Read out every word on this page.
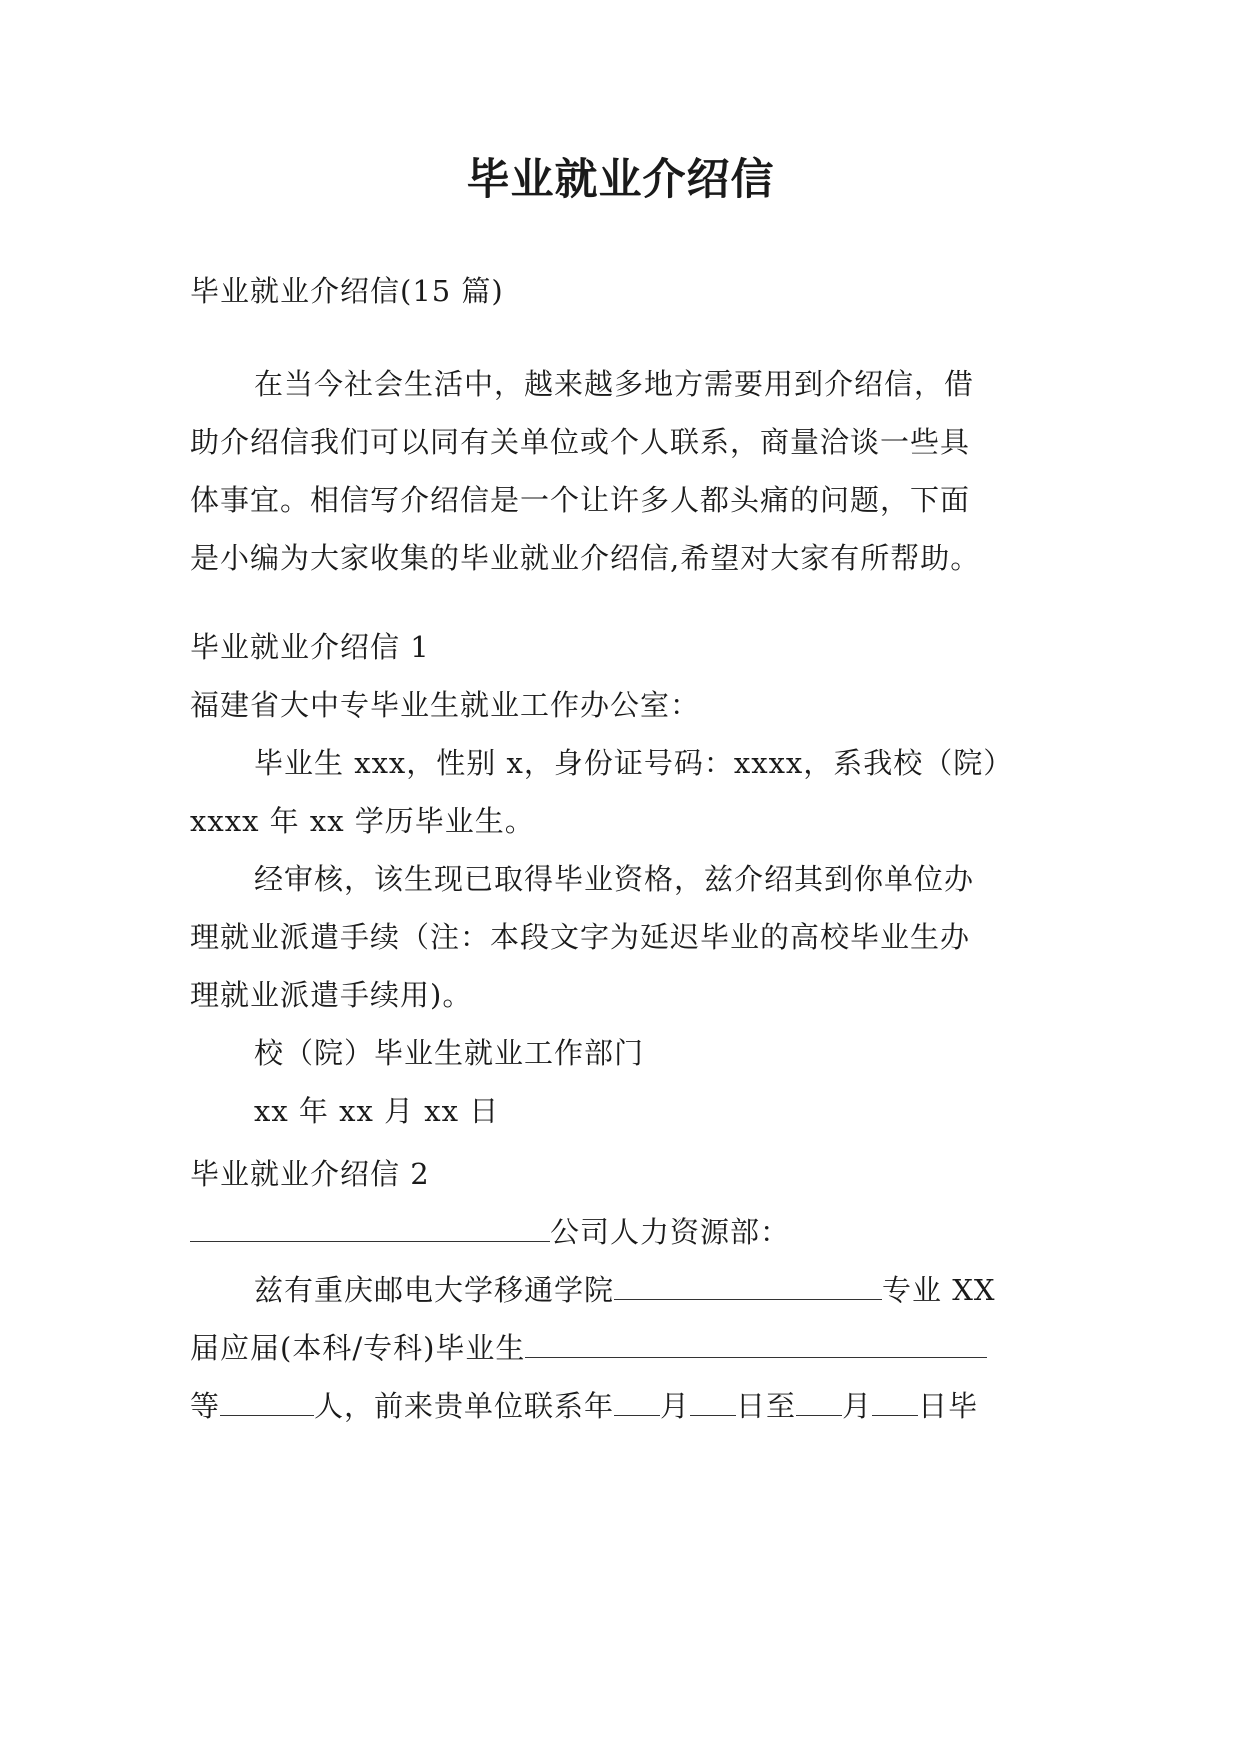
毕业就业介绍信

毕业就业介绍信(15 篇)

在当今社会生活中，越来越多地方需要用到介绍信，借
助介绍信我们可以同有关单位或个人联系，商量洽谈一些具
体事宜。相信写介绍信是一个让许多人都头痛的问题，下面
是小编为大家收集的毕业就业介绍信,希望对大家有所帮助。
毕业就业介绍信 1
福建省大中专毕业生就业工作办公室：
毕业生 xxx，性别 x，身份证号码：xxxx，系我校（院）
xxxx 年 xx 学历毕业生。
经审核，该生现已取得毕业资格，兹介绍其到你单位办
理就业派遣手续（注：本段文字为延迟毕业的高校毕业生办
理就业派遣手续用)。
校（院）毕业生就业工作部门
xx 年 xx 月 xx 日
毕业就业介绍信 2
公司人力资源部：
兹有重庆邮电大学移通学院	专业 XX
届应届(本科/专科)毕业生
等	人，前来贵单位联系年 月 日至 月 日毕
